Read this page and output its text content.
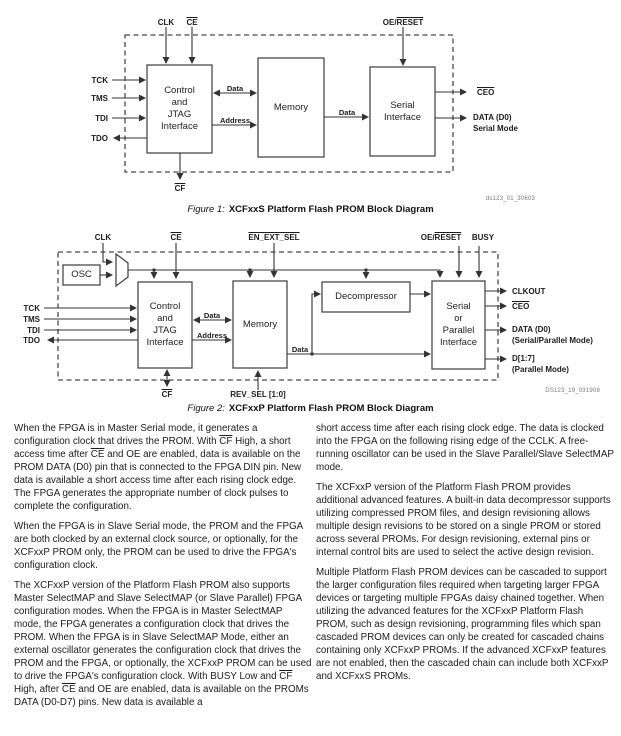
CLK	$\overline{CE}$	OE/RESET
TCK
TMS
TDI
TDO
Control
and
JTAG
Interface
Memory	Serial
Interface
Data
Address
Data
$\overline{CEO}$
DATA (D0)
Serial Mode
$\overline{CF}$
ds123_01_30603
Figure 1: XCFxxS Platform Flash PROM Block Diagram
CLK	$\overline{CE}$	EN_EXT_SEL	OE/RESET	BUSY
OSC
TCK
TMS
TDI
TDO
Control
and
JTAG
Interface
Memory
Decompressor
Serial
or
Parallel
Interface
Data
Address
Data
CLKOUT
$\overline{CEO}$
DATA (D0)
(Serial/Parallel Mode)
D[1:7]
(Parallel Mode)
$\overline{CF}$	REV_SEL [1:0]	DS123_19_031908
Figure 2: XCFxxP Platform Flash PROM Block Diagram

When the FPGA is in Master Serial mode, it generates a configuration clock that drives the PROM. With $\overline{CF}$ High, a short access time after $\overline{CE}$ and OE are enabled, data is available on the PROM DATA (D0) pin that is connected to the FPGA DIN pin. New data is available a short access time after each rising clock edge. The FPGA generates the appropriate number of clock pulses to complete the configuration.

When the FPGA is in Slave Serial mode, the PROM and the FPGA are both clocked by an external clock source, or optionally, for the XCFxxP PROM only, the PROM can be used to drive the FPGA's configuration clock.

The XCFxxP version of the Platform Flash PROM also supports Master SelectMAP and Slave SelectMAP (or Slave Parallel) FPGA configuration modes. When the FPGA is in Master SelectMAP mode, the FPGA generates a configuration clock that drives the PROM. When the FPGA is in Slave SelectMAP Mode, either an external oscillator generates the configuration clock that drives the PROM and the FPGA, or optionally, the XCFxxP PROM can be used to drive the FPGA's configuration clock. With BUSY Low and $\overline{CF}$ High, after $\overline{CE}$ and OE are enabled, data is available on the PROMs DATA (D0-D7) pins. New data is available a

short access time after each rising clock edge. The data is clocked into the FPGA on the following rising edge of the CCLK. A free-running oscillator can be used in the Slave Parallel/Slave SelectMAP mode.

The XCFxxP version of the Platform Flash PROM provides additional advanced features. A built-in data decompressor supports utilizing compressed PROM files, and design revisioning allows multiple design revisions to be stored on a single PROM or stored across several PROMs. For design revisioning, external pins or internal control bits are used to select the active design revision.

Multiple Platform Flash PROM devices can be cascaded to support the larger configuration files required when targeting larger FPGA devices or targeting multiple FPGAs daisy chained together. When utilizing the advanced features for the XCFxxP Platform Flash PROM, such as design revisioning, programming files which span cascaded PROM devices can only be created for cascaded chains containing only XCFxxP PROMs. If the advanced XCFxxP features are not enabled, then the cascaded chain can include both XCFxxP and XCFxxS PROMs.
